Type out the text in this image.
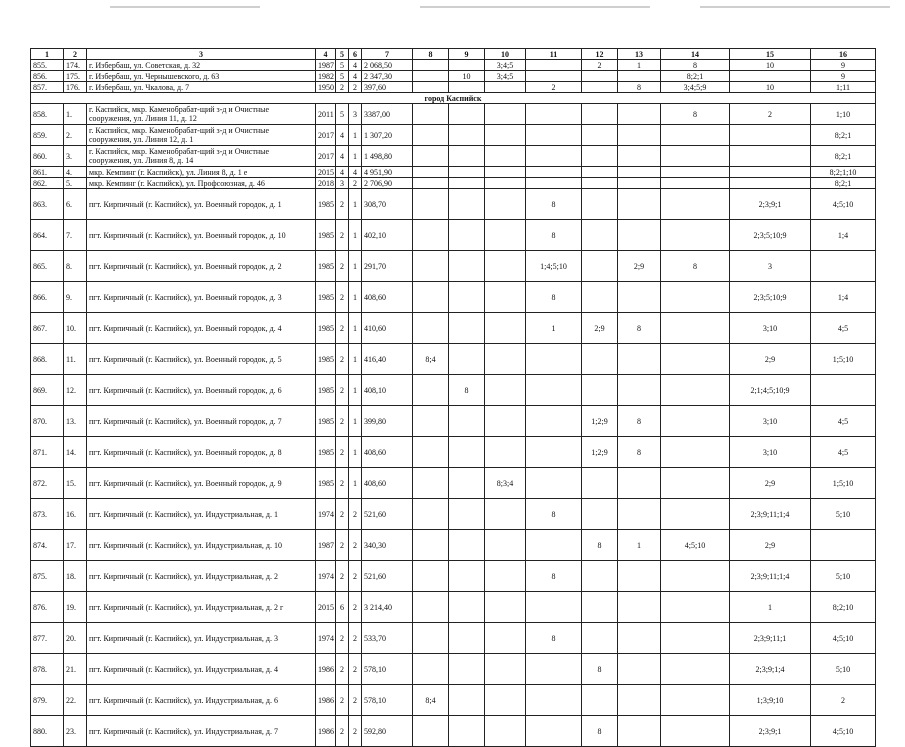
1	2	3	4	5	6	7	8	9	10	11	12	13	14	15	16
855.	174.	г. Избербаш, ул. Советская, д. 32	1987	5	4	2 068,50			3;4;5		2	1	8	10	9
856.	175.	г. Избербаш, ул. Чернышевского, д. 63	1982	5	4	2 347,30		10	3;4;5				8;2;1		9
857.	176.	г. Избербаш, ул. Чкалова, д. 7	1950	2	2	397,60				2		8	3;4;5;9	10	1;11
город Каспийск															
858.	1.	г. Каспийск, мкр. Каменобрабат-щий з-д и Очистные сооружения, ул. Линия 11, д. 12	2011	5	3	3387,00							8	2	1;10
859.	2.	г. Каспийск, мкр. Каменобрабат-щий з-д и Очистные сооружения, ул. Линия 12, д. 1	2017	4	1	1 307,20									8;2;1
860.	3.	г. Каспийск, мкр. Каменобрабат-щий з-д и Очистные сооружения, ул. Линия 8, д. 14	2017	4	1	1 498,80									8;2;1
861.	4.	мкр. Кемпинг (г. Каспийск), ул. Линия 8, д. 1 е	2015	4	4	4 951,90									8;2;1;10
862.	5.	мкр. Кемпинг (г. Каспийск), ул. Профсоюзная, д. 46	2018	3	2	2 706,90									8;2;1
863.	6.	пгт. Кирпичный (г. Каспийск), ул. Военный городок, д. 1	1985	2	1	308,70				8				2;3;9;1	4;5;10
864.	7.	пгт. Кирпичный (г. Каспийск), ул. Военный городок, д. 10	1985	2	1	402,10				8				2;3;5;10;9	1;4
865.	8.	пгт. Кирпичный (г. Каспийск), ул. Военный городок, д. 2	1985	2	1	291,70				1;4;5;10		2;9	8	3	
866.	9.	пгт. Кирпичный (г. Каспийск), ул. Военный городок, д. 3	1985	2	1	408,60				8				2;3;5;10;9	1;4
867.	10.	пгт. Кирпичный (г. Каспийск), ул. Военный городок, д. 4	1985	2	1	410,60				1	2;9	8		3;10	4;5
868.	11.	пгт. Кирпичный (г. Каспийск), ул. Военный городок, д. 5	1985	2	1	416,40	8;4							2;9	1;5;10
869.	12.	пгт. Кирпичный (г. Каспийск), ул. Военный городок, д. 6	1985	2	1	408,10		8						2;1;4;5;10;9	
870.	13.	пгт. Кирпичный (г. Каспийск), ул. Военный городок, д. 7	1985	2	1	399,80					1;2;9	8		3;10	4;5
871.	14.	пгт. Кирпичный (г. Каспийск), ул. Военный городок, д. 8	1985	2	1	408,60					1;2;9	8		3;10	4;5
872.	15.	пгт. Кирпичный (г. Каспийск), ул. Военный городок, д. 9	1985	2	1	408,60			8;3;4					2;9	1;5;10
873.	16.	пгт. Кирпичный (г. Каспийск), ул. Индустриальная, д. 1	1974	2	2	521,60				8				2;3;9;11;1;4	5;10
874.	17.	пгт. Кирпичный (г. Каспийск), ул. Индустриальная, д. 10	1987	2	2	340,30					8	1	4;5;10	2;9	
875.	18.	пгт. Кирпичный (г. Каспийск), ул. Индустриальная, д. 2	1974	2	2	521,60				8				2;3;9;11;1;4	5;10
876.	19.	пгт. Кирпичный (г. Каспийск), ул. Индустриальная, д. 2 г	2015	6	2	3 214,40								1	8;2;10
877.	20.	пгт. Кирпичный (г. Каспийск), ул. Индустриальная, д. 3	1974	2	2	533,70				8				2;3;9;11;1	4;5;10
878.	21.	пгт. Кирпичный (г. Каспийск), ул. Индустриальная, д. 4	1986	2	2	578,10					8			2;3;9;1;4	5;10
879.	22.	пгт. Кирпичный (г. Каспийск), ул. Индустриальная, д. 6	1986	2	2	578,10	8;4							1;3;9;10	2
880.	23.	пгт. Кирпичный (г. Каспийск), ул. Индустриальная, д. 7	1986	2	2	592,80					8			2;3;9;1	4;5;10
